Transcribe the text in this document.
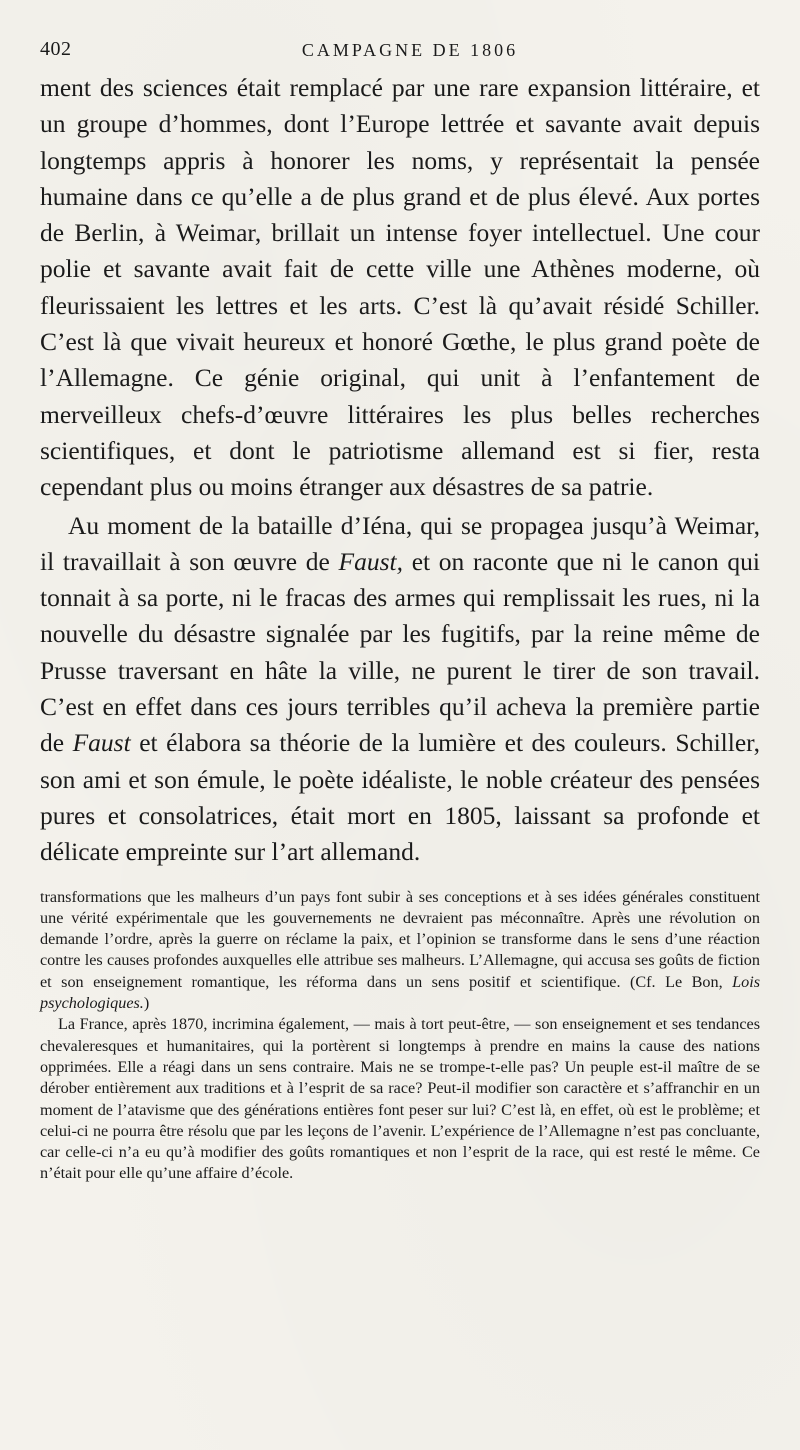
402	CAMPAGNE DE 1806

ment des sciences était remplacé par une rare expansion littéraire, et un groupe d’hommes, dont l’Europe lettrée et savante avait depuis longtemps appris à honorer les noms, y représentait la pensée humaine dans ce qu’elle a de plus grand et de plus élevé. Aux portes de Berlin, à Weimar, brillait un intense foyer intellectuel. Une cour polie et savante avait fait de cette ville une Athènes moderne, où fleurissaient les lettres et les arts. C’est là qu’avait résidé Schiller. C’est là que vivait heureux et honoré Gœthe, le plus grand poète de l’Allemagne. Ce génie original, qui unit à l’enfantement de merveilleux chefs-d’œuvre littéraires les plus belles recherches scientifiques, et dont le patriotisme allemand est si fier, resta cependant plus ou moins étranger aux désastres de sa patrie.

Au moment de la bataille d’Iéna, qui se propagea jusqu’à Weimar, il travaillait à son œuvre de Faust, et on raconte que ni le canon qui tonnait à sa porte, ni le fracas des armes qui remplissait les rues, ni la nouvelle du désastre signalée par les fugitifs, par la reine même de Prusse traversant en hâte la ville, ne purent le tirer de son travail. C’est en effet dans ces jours terribles qu’il acheva la première partie de Faust et élabora sa théorie de la lumière et des couleurs. Schiller, son ami et son émule, le poète idéaliste, le noble créateur des pensées pures et consolatrices, était mort en 1805, laissant sa profonde et délicate empreinte sur l’art allemand.

transformations que les malheurs d’un pays font subir à ses conceptions et à ses idées générales constituent une vérité expérimentale que les gouvernements ne devraient pas méconnaître. Après une révolution on demande l’ordre, après la guerre on réclame la paix, et l’opinion se transforme dans le sens d’une réaction contre les causes profondes auxquelles elle attribue ses malheurs. L’Allemagne, qui accusa ses goûts de fiction et son enseignement romantique, les réforma dans un sens positif et scientifique. (Cf. Le Bon, Lois psychologiques.)

La France, après 1870, incrimina également, — mais à tort peut-être, — son enseignement et ses tendances chevaleresques et humanitaires, qui la portèrent si longtemps à prendre en mains la cause des nations opprimées. Elle a réagi dans un sens contraire. Mais ne se trompe-t-elle pas? Un peuple est-il maître de se dérober entièrement aux traditions et à l’esprit de sa race? Peut-il modifier son caractère et s’affranchir en un moment de l’atavisme que des générations entières font peser sur lui? C’est là, en effet, où est le problème; et celui-ci ne pourra être résolu que par les leçons de l’avenir. L’expérience de l’Allemagne n’est pas concluante, car celle-ci n’a eu qu’à modifier des goûts romantiques et non l’esprit de la race, qui est resté le même. Ce n’était pour elle qu’une affaire d’école.
